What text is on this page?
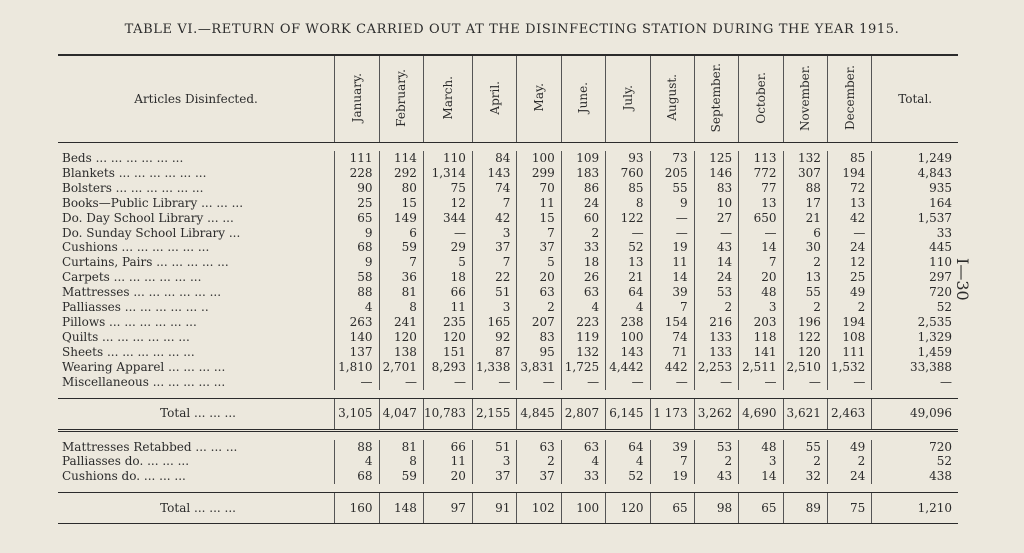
TABLE VI.—RETURN OF WORK CARRIED OUT AT THE DISINFECTING STATION DURING THE YEAR 1915.
I—30

Articles Disinfected.	January.	February.	March.	April.	May.	June.	July.	August.	September.	October.	November.	December.	Total.

Beds ... ... ... ... ... ...	111	114	110	84	100	109	93	73	125	113	132	85	1,249
Blankets ... ... ... ... ... ...	228	292	1,314	143	299	183	760	205	146	772	307	194	4,843
Bolsters ... ... ... ... ... ...	90	80	75	74	70	86	85	55	83	77	88	72	935
Books—Public Library ... ... ...	25	15	12	7	11	24	8	9	10	13	17	13	164
Do. Day School Library ... ...	65	149	344	42	15	60	122	—	27	650	21	42	1,537
Do. Sunday School Library ...	9	6	—	3	7	2	—	—	—	—	6	—	33
Cushions ... ... ... ... ... ...	68	59	29	37	37	33	52	19	43	14	30	24	445
Curtains, Pairs ... ... ... ... ...	9	7	5	7	5	18	13	11	14	7	2	12	110
Carpets ... ... ... ... ... ...	58	36	18	22	20	26	21	14	24	20	13	25	297
Mattresses ... ... ... ... ... ...	88	81	66	51	63	63	64	39	53	48	55	49	720
Palliasses ... ... ... ... ... ..	4	8	11	3	2	4	4	7	2	3	2	2	52
Pillows ... ... ... ... ... ...	263	241	235	165	207	223	238	154	216	203	196	194	2,535
Quilts ... ... ... ... ... ...	140	120	120	92	83	119	100	74	133	118	122	108	1,329
Sheets ... ... ... ... ... ...	137	138	151	87	95	132	143	71	133	141	120	111	1,459
Wearing Apparel ... ... ... ...	1,810	2,701	8,293	1,338	3,831	1,725	4,442	442	2,253	2,511	2,510	1,532	33,388
Miscellaneous ... ... ... ... ...	—	—	—	—	—	—	—	—	—	—	—	—	—

Total ... ... ...	3,105	4,047	10,783	2,155	4,845	2,807	6,145	1 173	3,262	4,690	3,621	2,463	49,096

Mattresses Retabbed ... ... ...	88	81	66	51	63	63	64	39	53	48	55	49	720
Palliasses do. ... ... ...	4	8	11	3	2	4	4	7	2	3	2	2	52
Cushions do. ... ... ...	68	59	20	37	37	33	52	19	43	14	32	24	438

Total ... ... ...	160	148	97	91	102	100	120	65	98	65	89	75	1,210
